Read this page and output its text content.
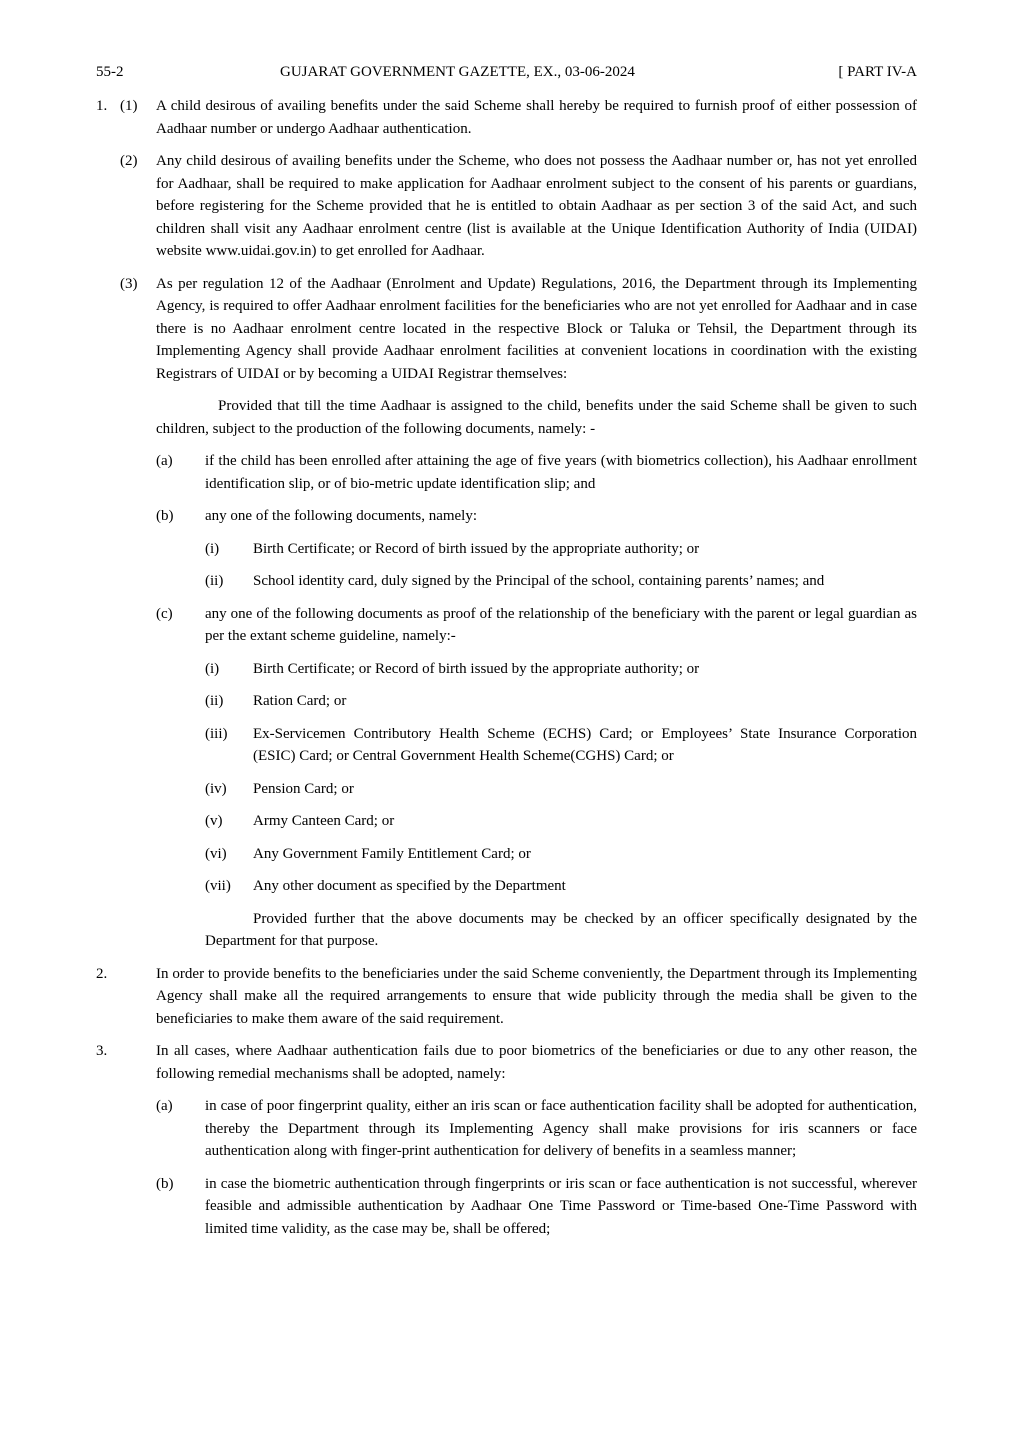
55-2	GUJARAT GOVERNMENT GAZETTE, EX., 03-06-2024	[ PART IV-A
1. (1) A child desirous of availing benefits under the said Scheme shall hereby be required to furnish proof of either possession of Aadhaar number or undergo Aadhaar authentication.
(2) Any child desirous of availing benefits under the Scheme, who does not possess the Aadhaar number or, has not yet enrolled for Aadhaar, shall be required to make application for Aadhaar enrolment subject to the consent of his parents or guardians, before registering for the Scheme provided that he is entitled to obtain Aadhaar as per section 3 of the said Act, and such children shall visit any Aadhaar enrolment centre (list is available at the Unique Identification Authority of India (UIDAI) website www.uidai.gov.in) to get enrolled for Aadhaar.
(3) As per regulation 12 of the Aadhaar (Enrolment and Update) Regulations, 2016, the Department through its Implementing Agency, is required to offer Aadhaar enrolment facilities for the beneficiaries who are not yet enrolled for Aadhaar and in case there is no Aadhaar enrolment centre located in the respective Block or Taluka or Tehsil, the Department through its Implementing Agency shall provide Aadhaar enrolment facilities at convenient locations in coordination with the existing Registrars of UIDAI or by becoming a UIDAI Registrar themselves:
Provided that till the time Aadhaar is assigned to the child, benefits under the said Scheme shall be given to such children, subject to the production of the following documents, namely: -
(a) if the child has been enrolled after attaining the age of five years (with biometrics collection), his Aadhaar enrollment identification slip, or of bio-metric update identification slip; and
(b) any one of the following documents, namely:
(i) Birth Certificate; or Record of birth issued by the appropriate authority; or
(ii) School identity card, duly signed by the Principal of the school, containing parents’ names; and
(c) any one of the following documents as proof of the relationship of the beneficiary with the parent or legal guardian as per the extant scheme guideline, namely:-
(i) Birth Certificate; or Record of birth issued by the appropriate authority; or
(ii) Ration Card; or
(iii) Ex-Servicemen Contributory Health Scheme (ECHS) Card; or Employees’ State Insurance Corporation (ESIC) Card; or Central Government Health Scheme(CGHS) Card; or
(iv) Pension Card; or
(v) Army Canteen Card; or
(vi) Any Government Family Entitlement Card; or
(vii) Any other document as specified by the Department
Provided further that the above documents may be checked by an officer specifically designated by the Department for that purpose.
2.	In order to provide benefits to the beneficiaries under the said Scheme conveniently, the Department through its Implementing Agency shall make all the required arrangements to ensure that wide publicity through the media shall be given to the beneficiaries to make them aware of the said requirement.
3.	In all cases, where Aadhaar authentication fails due to poor biometrics of the beneficiaries or due to any other reason, the following remedial mechanisms shall be adopted, namely:
(a) in case of poor fingerprint quality, either an iris scan or face authentication facility shall be adopted for authentication, thereby the Department through its Implementing Agency shall make provisions for iris scanners or face authentication along with finger-print authentication for delivery of benefits in a seamless manner;
(b) in case the biometric authentication through fingerprints or iris scan or face authentication is not successful, wherever feasible and admissible authentication by Aadhaar One Time Password or Time-based One-Time Password with limited time validity, as the case may be, shall be offered;
